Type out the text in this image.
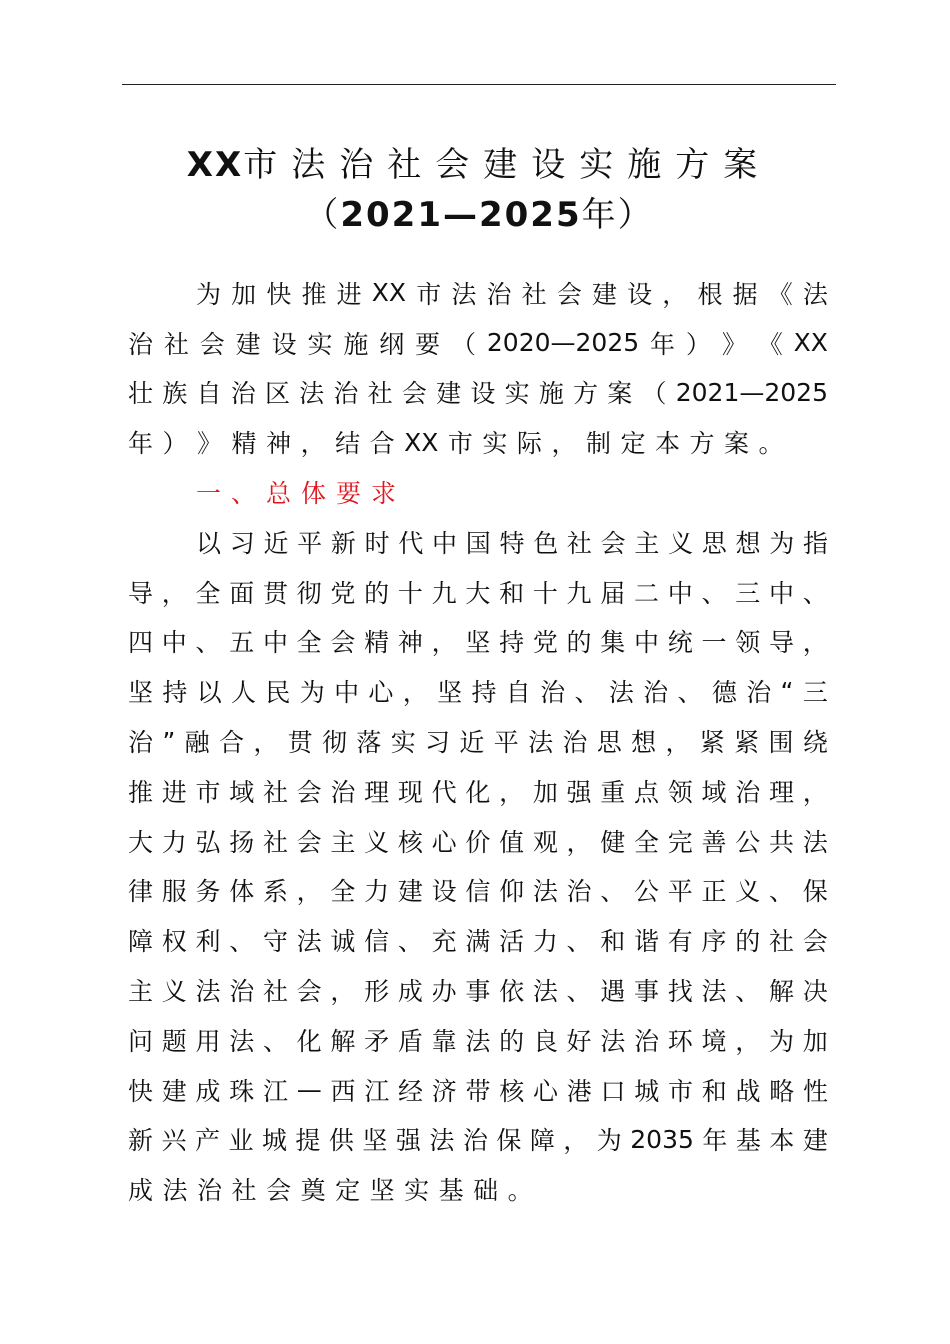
XX市法治社会建设实施方案
（2021—2025年）
为 加 快 推 进 XX 市 法 治 社 会 建 设 ， 根 据 《 法
治 社 会 建 设 实 施 纲 要 （ 2020—2025 年 ） 》 《 XX
壮 族 自 治 区 法 治 社 会 建 设 实 施 方 案 （ 2021—2025
年 ） 》 精 神 ， 结 合 XX 市 实 际 ， 制 定 本 方 案 。
一、总体要求
以 习 近 平 新 时 代 中 国 特 色 社 会 主 义 思 想 为 指
导 ， 全 面 贯 彻 党 的 十 九 大 和 十 九 届 二 中 、 三 中 、
四 中 、 五 中 全 会 精 神 ， 坚 持 党 的 集 中 统 一 领 导 ，
坚 持 以 人 民 为 中 心 ， 坚 持 自 治 、 法 治 、 德 治 “ 三
治 ” 融 合 ， 贯 彻 落 实 习 近 平 法 治 思 想 ， 紧 紧 围 绕
推 进 市 域 社 会 治 理 现 代 化 ， 加 强 重 点 领 域 治 理 ，
大 力 弘 扬 社 会 主 义 核 心 价 值 观 ， 健 全 完 善 公 共 法
律 服 务 体 系 ， 全 力 建 设 信 仰 法 治 、 公 平 正 义 、 保
障 权 利 、 守 法 诚 信 、 充 满 活 力 、 和 谐 有 序 的 社 会
主 义 法 治 社 会 ， 形 成 办 事 依 法 、 遇 事 找 法 、 解 决
问 题 用 法 、 化 解 矛 盾 靠 法 的 良 好 法 治 环 境 ， 为 加
快 建 成 珠 江 — 西 江 经 济 带 核 心 港 口 城 市 和 战 略 性
新 兴 产 业 城 提 供 坚 强 法 治 保 障 ， 为 2035 年 基 本 建
成 法 治 社 会 奠 定 坚 实 基 础 。
